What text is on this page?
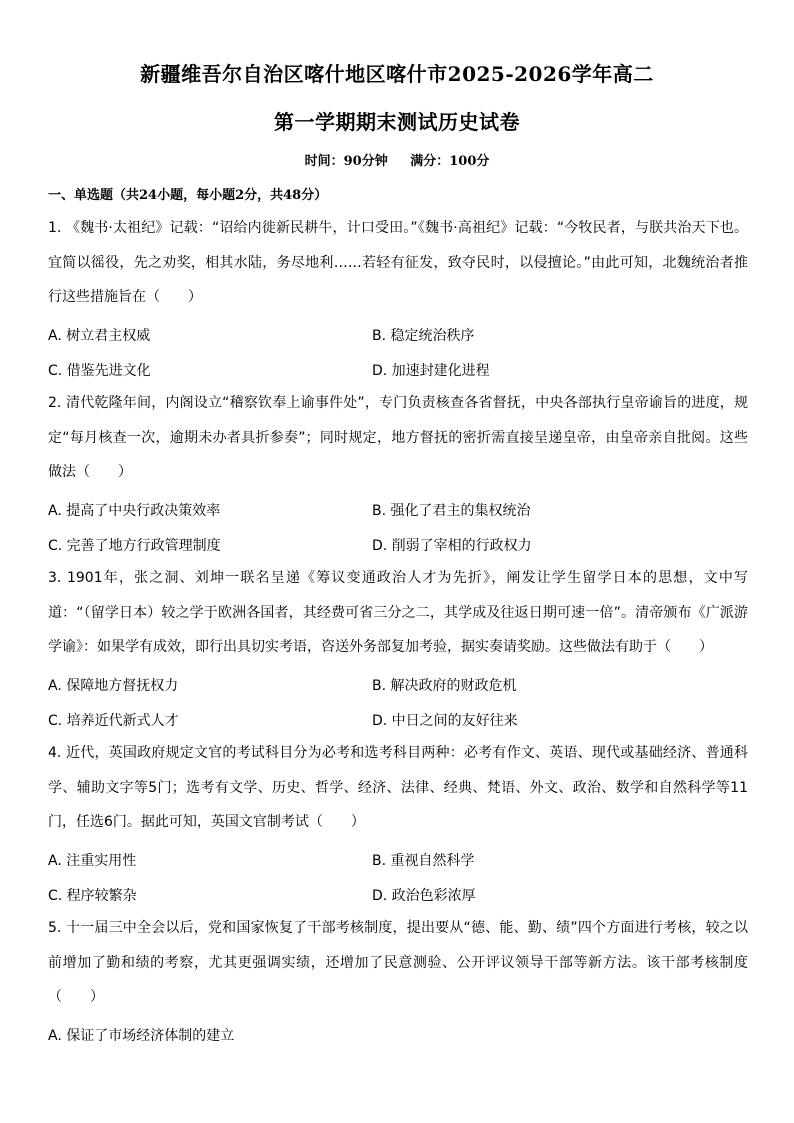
新疆维吾尔自治区喀什地区喀什市2025-2026学年高二
第一学期期末测试历史试卷
时间：90分钟 满分：100分
一、单选题（共24小题，每小题2分，共48分）
1. 《魏书·太祖纪》记载：“诏给内徙新民耕牛，计口受田。”《魏书·高祖纪》记载：“今牧民者，与朕共治天下也。宜简以徭役，先之劝奖，相其水陆，务尽地利……若轻有征发，致夺民时，以侵擅论。”由此可知，北魏统治者推行这些措施旨在（　　）
A. 树立君主权威	B. 稳定统治秩序
C. 借鉴先进文化	D. 加速封建化进程
2. 清代乾隆年间，内阁设立“稽察钦奉上谕事件处”，专门负责核查各省督抚，中央各部执行皇帝谕旨的进度，规定“每月核查一次，逾期未办者具折参奏”；同时规定，地方督抚的密折需直接呈递皇帝，由皇帝亲自批阅。这些做法（　　）
A. 提高了中央行政决策效率	B. 强化了君主的集权统治
C. 完善了地方行政管理制度	D. 削弱了宰相的行政权力
3. 1901年，张之洞、刘坤一联名呈递《筹议变通政治人才为先折》，阐发让学生留学日本的思想，文中写道：“（留学日本）较之学于欧洲各国者，其经费可省三分之二，其学成及往返日期可速一倍”。清帝颁布《广派游学谕》：如果学有成效，即行出具切实考语，咨送外务部复加考验，据实奏请奖励。这些做法有助于（　　）
A. 保障地方督抚权力	B. 解决政府的财政危机
C. 培养近代新式人才	D. 中日之间的友好往来
4. 近代，英国政府规定文官的考试科目分为必考和选考科目两种：必考有作文、英语、现代或基础经济、普通科学、辅助文字等5门；选考有文学、历史、哲学、经济、法律、经典、梵语、外文、政治、数学和自然科学等11门，任选6门。据此可知，英国文官制考试（　　）
A. 注重实用性	B. 重视自然科学
C. 程序较繁杂	D. 政治色彩浓厚
5. 十一届三中全会以后，党和国家恢复了干部考核制度，提出要从“德、能、勤、绩”四个方面进行考核，较之以前增加了勤和绩的考察，尤其更强调实绩，还增加了民意测验、公开评议领导干部等新方法。该干部考核制度（　　）
A. 保证了市场经济体制的建立
